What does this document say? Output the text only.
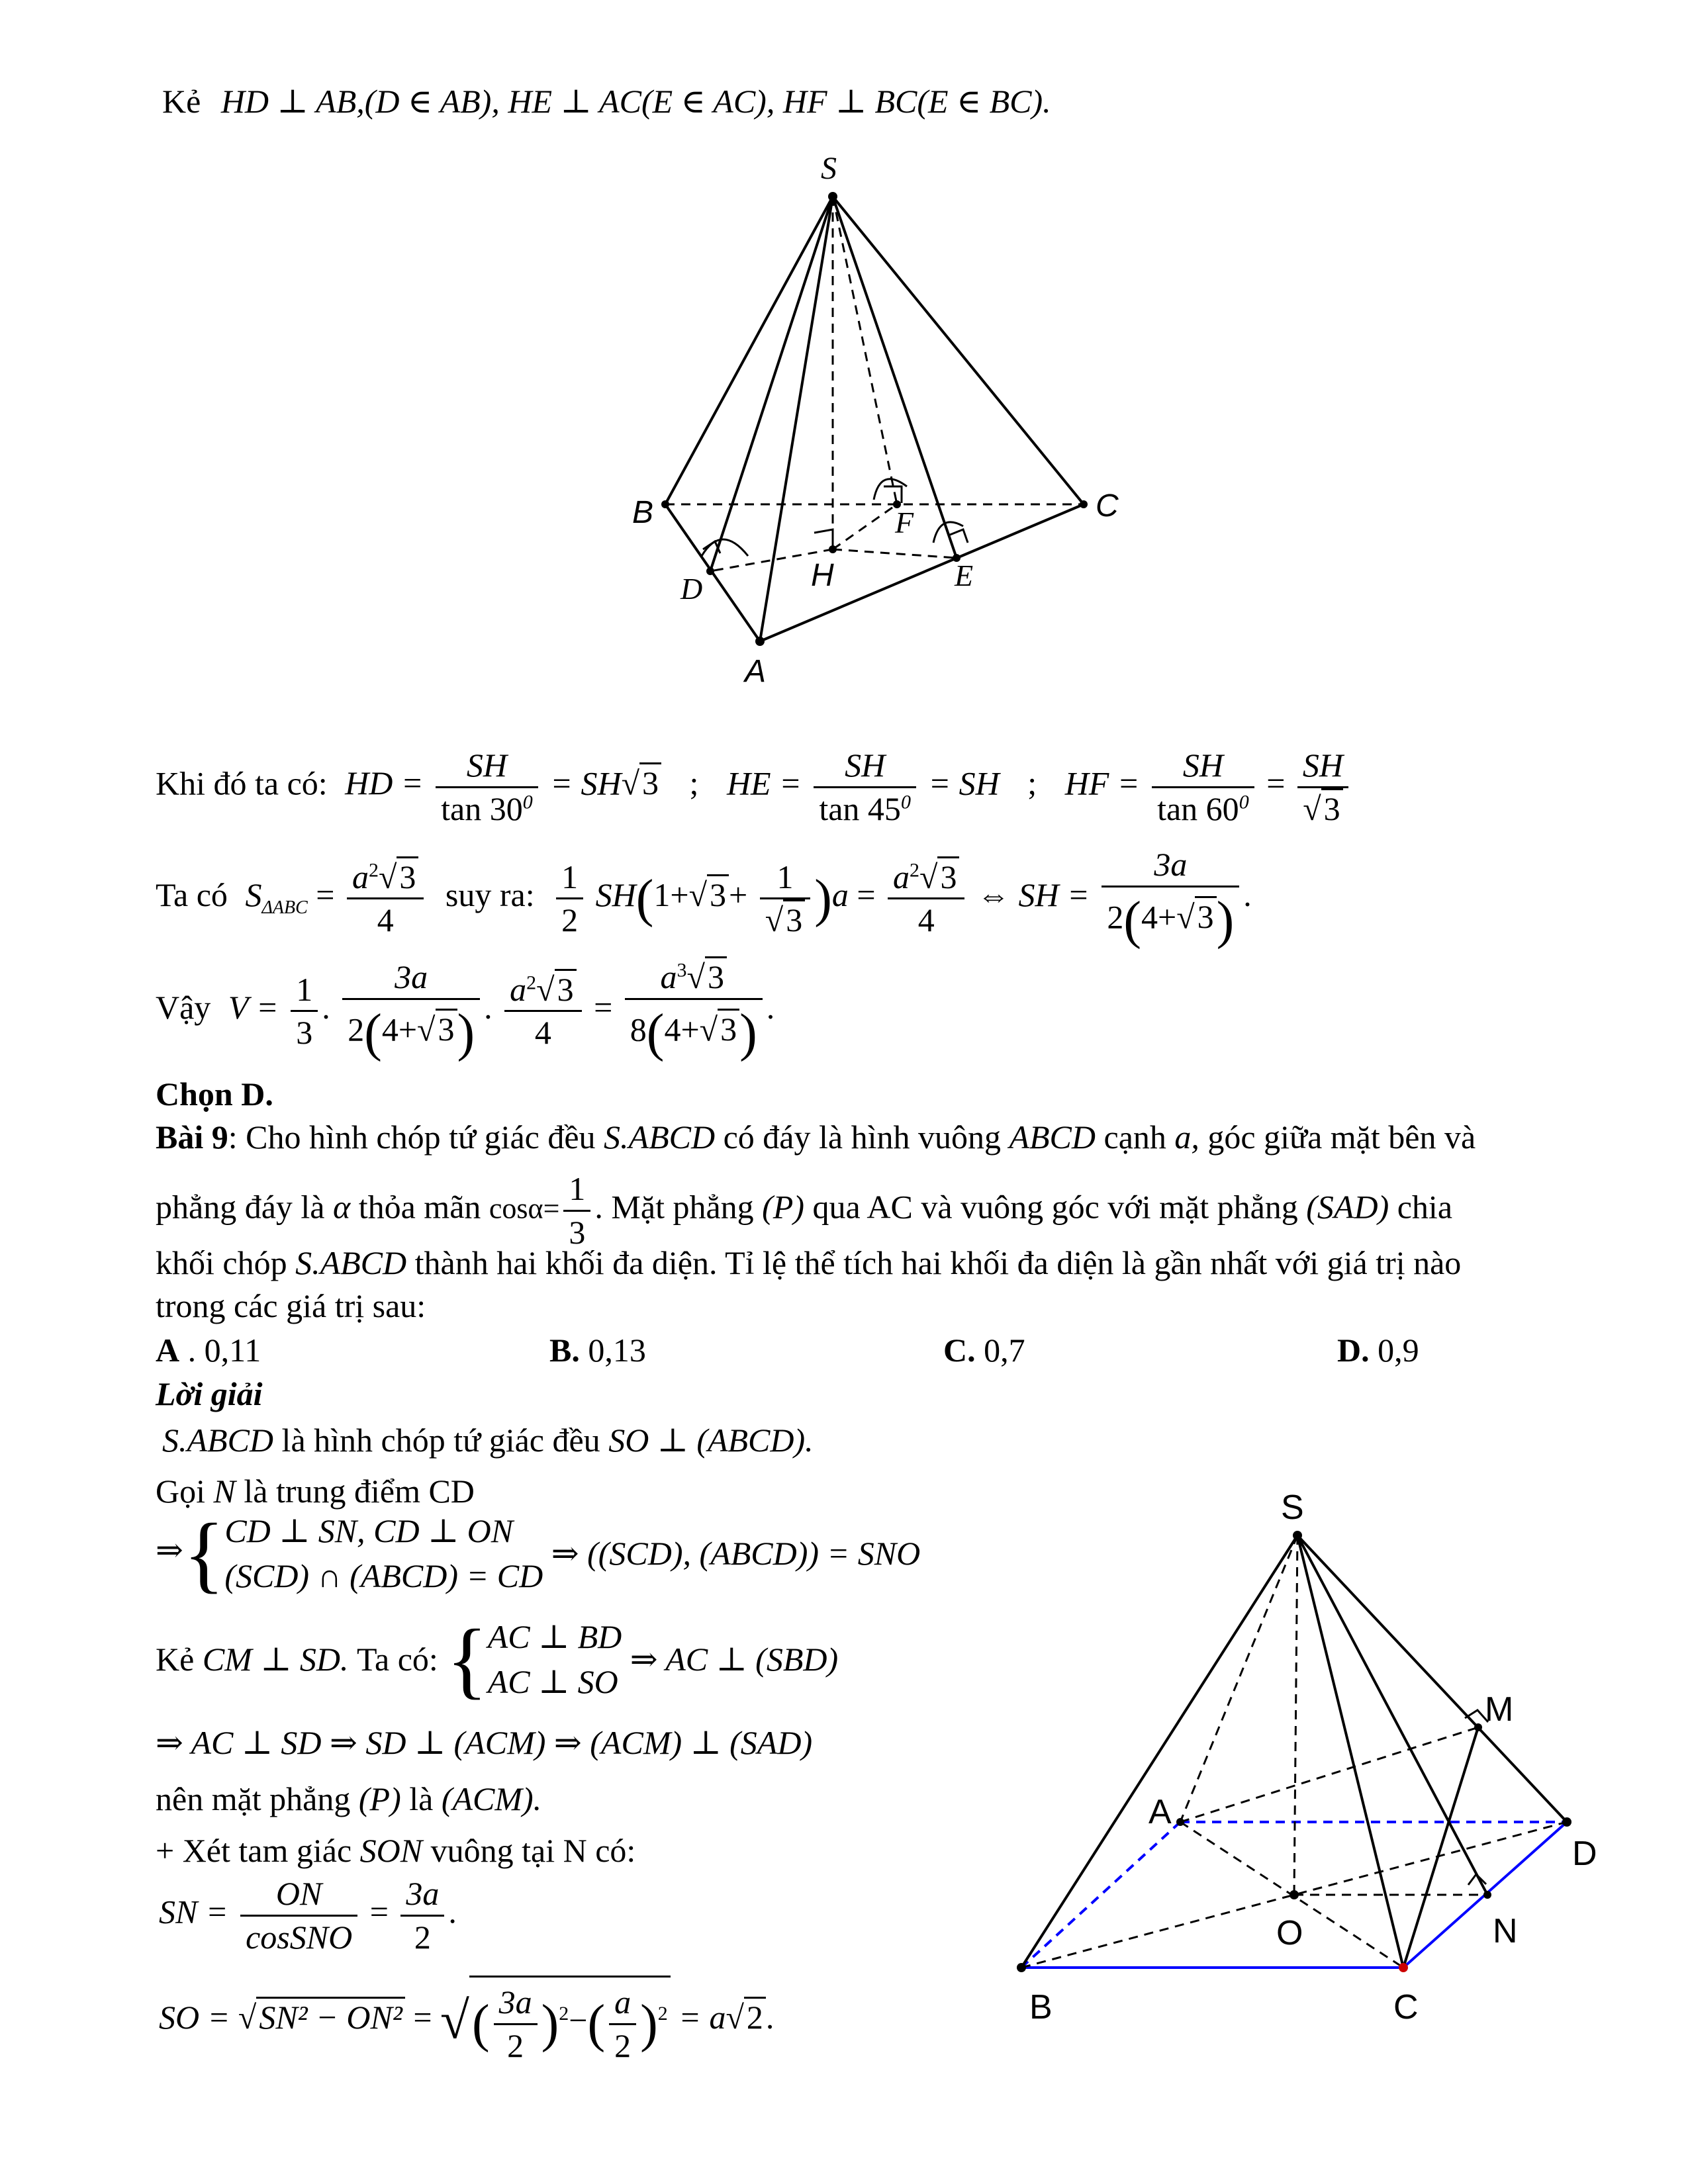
Kẻ HD ⊥ AB,(D ∈ AB), HE ⊥ AC(E ∈ AC), HF ⊥ BC(E ∈ BC).
S
B	C
F
D	H	E
A
Khi đó ta có: HD = $\frac{SH}{\tan 30^0} = SH√3$ ; HE = $\frac{SH}{\tan 45^0}$ = SH ; HF = $\frac{SH}{\tan 60^0} = \frac{SH}{√3}$
Ta có $S_{\Delta ABC} = \frac{a^2√3}{4}$ suy ra: $\frac{1}{2} SH(1+√3+ \frac{1}{√3} )a = \frac{a^2√3}{4}$ ⇔ SH = $\frac{3a}{2(4+√3)}$ .
Vậy $V = \frac{1}{3}$ . $\frac{3a}{2(4+√3)}$ . $\frac{a^2√3}{4} = \frac{a^3√3}{8(4+√3)}$ .
Chọn D.
Bài 9: Cho hình chóp tứ giác đều S.ABCD có đáy là hình vuông ABCD cạnh a, góc giữa mặt bên và
phẳng đáy là α thỏa mãn $\cos\alpha= \frac{1}{3}$ . Mặt phẳng (P) qua AC và vuông góc với mặt phẳng (SAD) chia
khối chóp S.ABCD thành hai khối đa diện. Tỉ lệ thể tích hai khối đa diện là gần nhất với giá trị nào
trong các giá trị sau:
A . 0,11	B. 0,13	C. 0,7	D. 0,9
Lời giải
S.ABCD là hình chóp tứ giác đều SO ⊥ (ABCD).
Gọi N là trung điểm CD
⇒{ CD ⊥ SN, CD ⊥ ON
(SCD) ∩ (ABCD) = CD
⇒ ((SCD), (ABCD)) = SNO
Kẻ CM ⊥ SD. Ta có: { AC ⊥ BD
AC ⊥ SO
⇒ AC ⊥ (SBD)
⇒ AC ⊥ SD ⇒ SD ⊥ (ACM) ⇒ (ACM) ⊥ (SAD)
nên mặt phẳng (P) là (ACM).
+ Xét tam giác SON vuông tại N có:
SN = $\frac{ON}{\text{cosSNO}} = \frac{3a}{2}$ .
SO = √SN² − ON² = √( $\frac{3a}{2} )^2-( \frac{a}{2} )^2 = a√2$.
S
M
A
D
O	N
B	C
